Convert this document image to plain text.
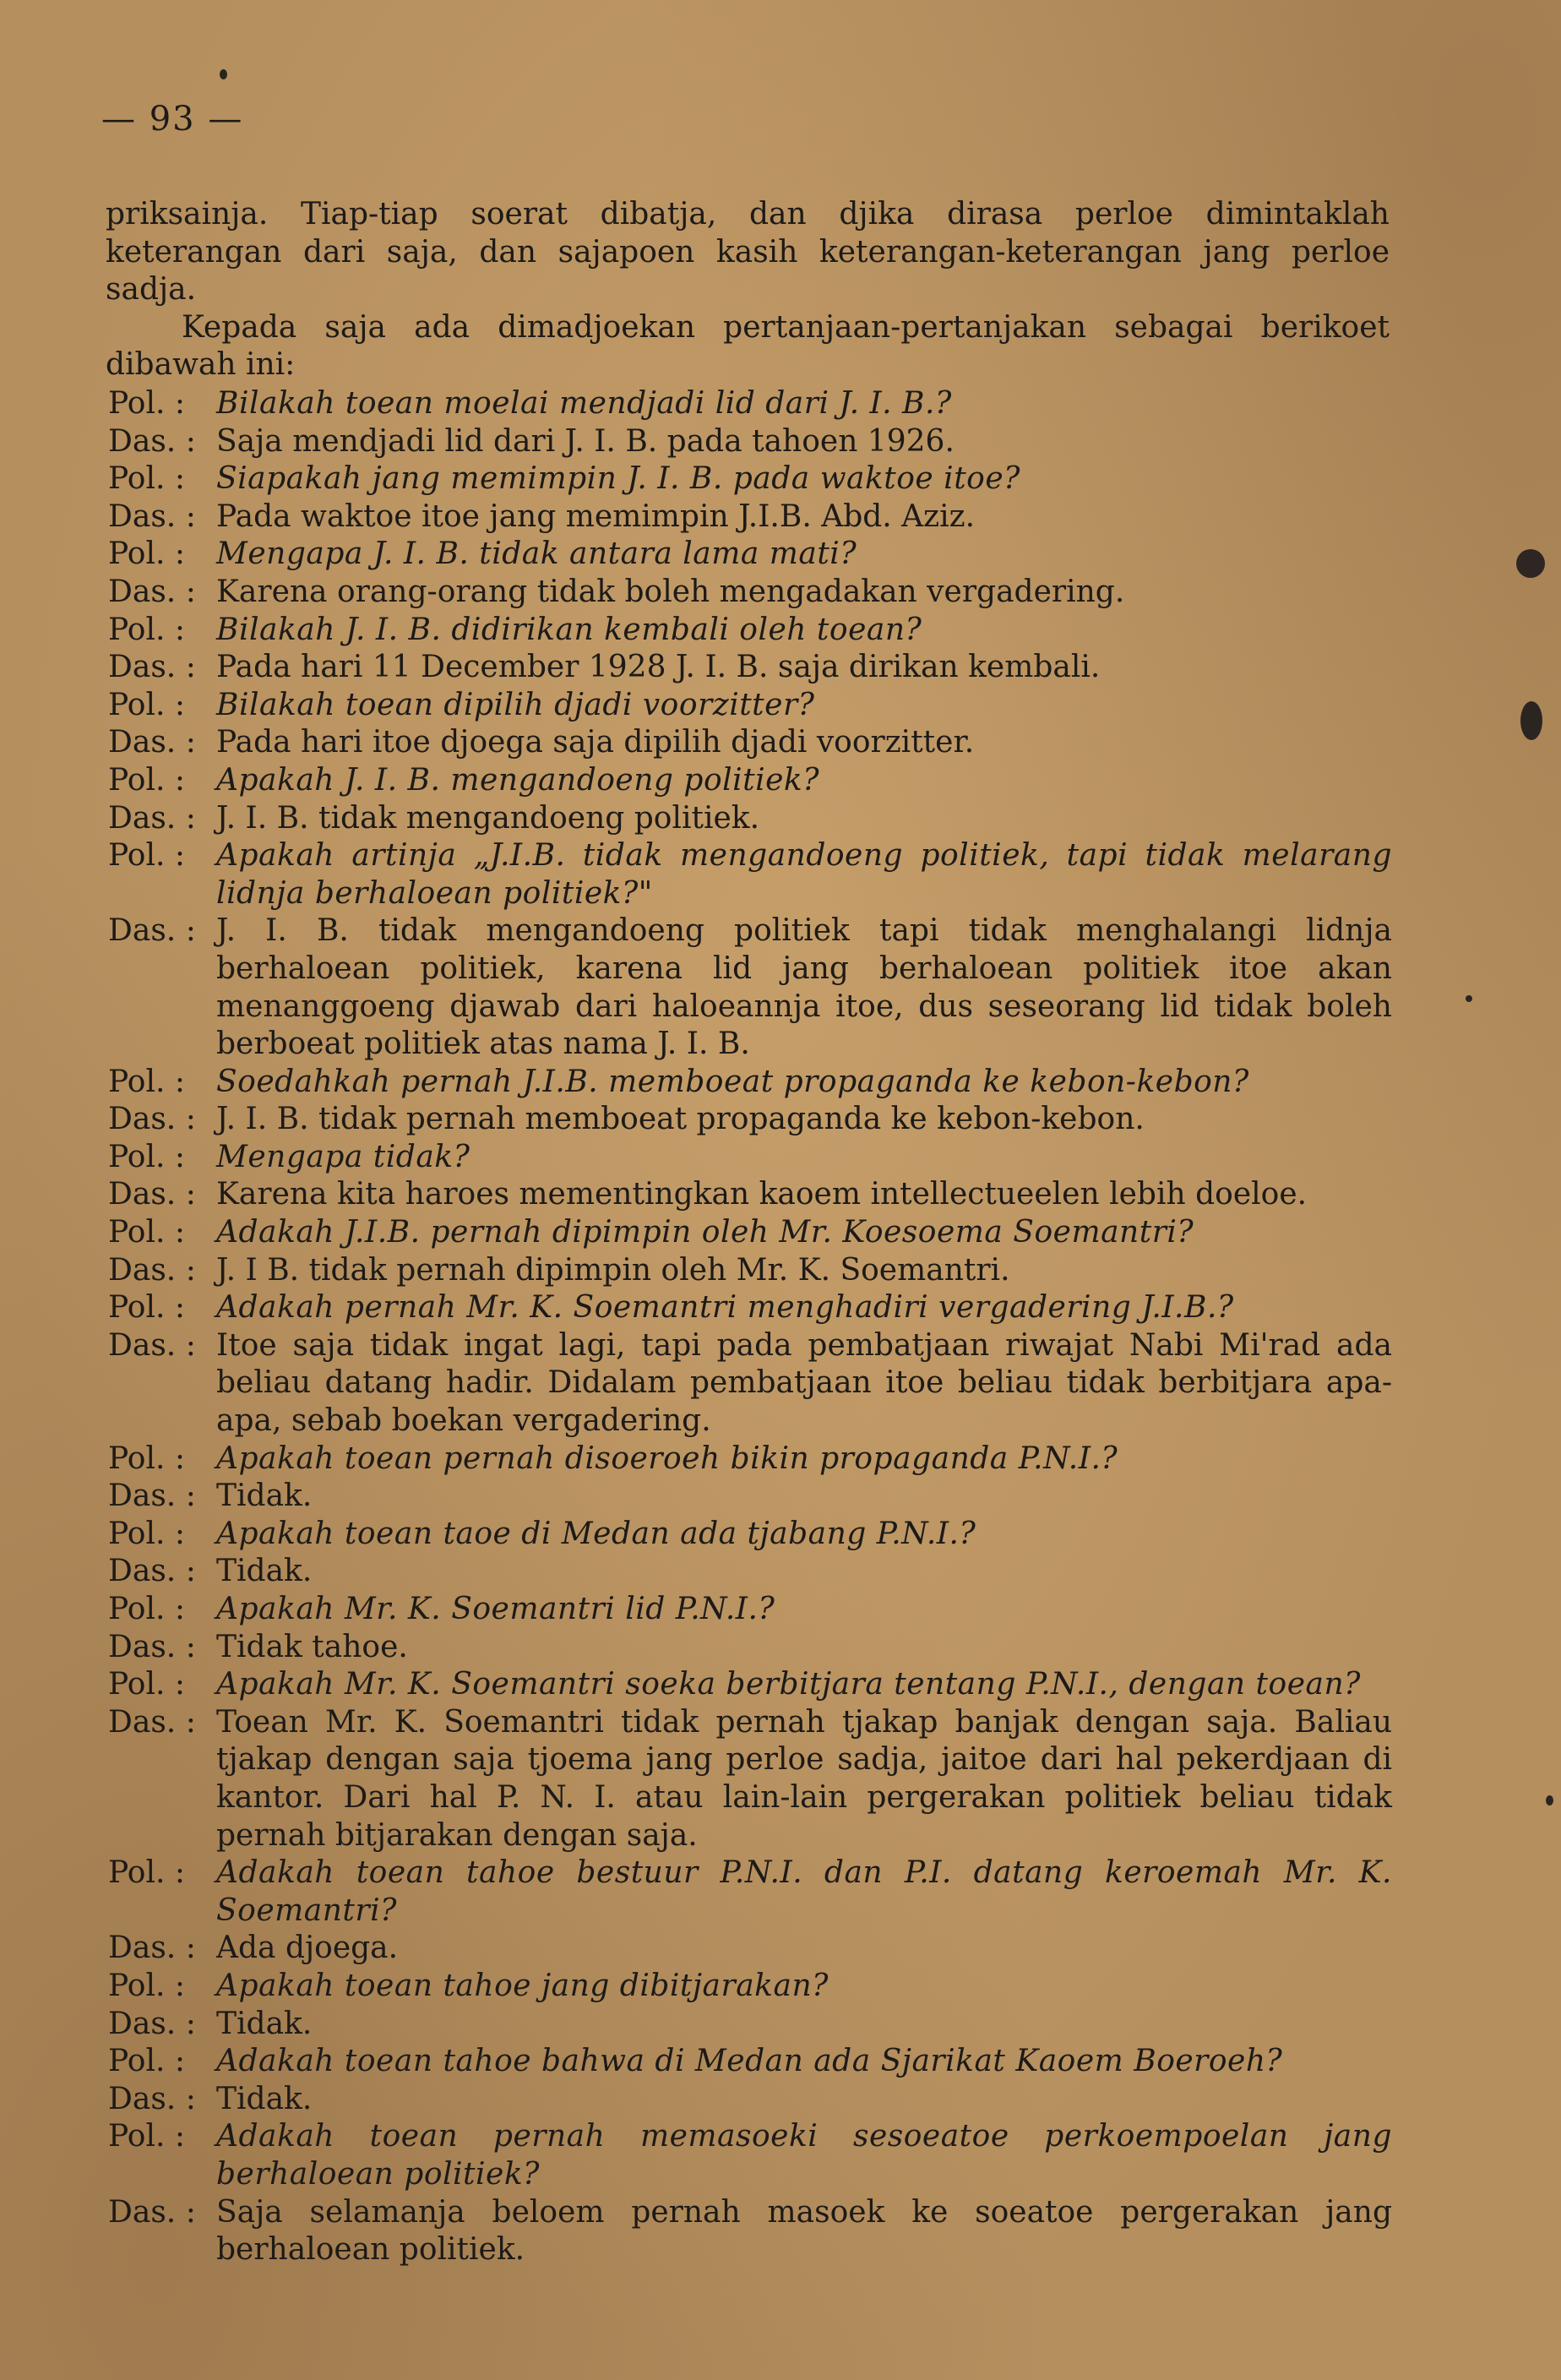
— 93 —

priksainja. Tiap-tiap soerat dibatja, dan djika dirasa perloe dimintaklah keterangan dari saja, dan sajapoen kasih keterangan-keterangan jang perloe sadja.

Kepada saja ada dimadjoekan pertanjaan-pertanjakan sebagai berikoet dibawah ini:

Pol. :	Bilakah toean moelai mendjadi lid dari J. I. B.?
Das. : Saja mendjadi lid dari J. I. B. pada tahoen 1926.
Pol. :	Siapakah jang memimpin J. I. B. pada waktoe itoe?
Das. : Pada waktoe itoe jang memimpin J.I.B. Abd. Aziz.
Pol. :	Mengapa J. I. B. tidak antara lama mati?
Das. : Karena orang-orang tidak boleh mengadakan vergadering.
Pol. :	Bilakah J. I. B. didirikan kembali oleh toean?
Das. : Pada hari 11 December 1928 J. I. B. saja dirikan kembali.
Pol. :	Bilakah toean dipilih djadi voorzitter?
Das. : Pada hari itoe djoega saja dipilih djadi voorzitter.
Pol. :	Apakah J. I. B. mengandoeng politiek?
Das. : J. I. B. tidak mengandoeng politiek.
Pol. :	Apakah artinja „J.I.B. tidak mengandoeng politiek, tapi tidak melarang lidnja berhaloean politiek?"
Das. : J. I. B. tidak mengandoeng politiek tapi tidak menghalangi lidnja berhaloean politiek, karena lid jang berhaloean politiek itoe akan menanggoeng djawab dari haloeannja itoe, dus seseorang lid tidak boleh berboeat politiek atas nama J. I. B.
Pol. :	Soedahkah pernah J.I.B. memboeat propaganda ke kebon-kebon?
Das. : J. I. B. tidak pernah memboeat propaganda ke kebon-kebon.
Pol. :	Mengapa tidak?
Das. : Karena kita haroes mementingkan kaoem intellectueelen lebih doeloe.
Pol. :	Adakah J.I.B. pernah dipimpin oleh Mr. Koesoema Soemantri?
Das. : J. I B. tidak pernah dipimpin oleh Mr. K. Soemantri.
Pol. :	Adakah pernah Mr. K. Soemantri menghadiri vergadering J.I.B.?
Das. : Itoe saja tidak ingat lagi, tapi pada pembatjaan riwajat Nabi Mi'rad ada beliau datang hadir. Didalam pembatjaan itoe beliau tidak berbitjara apa-apa, sebab boekan vergadering.
Pol. :	Apakah toean pernah disoeroeh bikin propaganda P.N.I.?
Das. : Tidak.
Pol. :	Apakah toean taoe di Medan ada tjabang P.N.I.?
Das. : Tidak.
Pol. :	Apakah Mr. K. Soemantri lid P.N.I.?
Das. : Tidak tahoe.
Pol. :	Apakah Mr. K. Soemantri soeka berbitjara tentang P.N.I., dengan toean?
Das. : Toean Mr. K. Soemantri tidak pernah tjakap banjak dengan saja. Baliau tjakap dengan saja tjoema jang perloe sadja, jaitoe dari hal pekerdjaan di kantor. Dari hal P. N. I. atau lain-lain pergerakan politiek beliau tidak pernah bitjarakan dengan saja.
Pol. :	Adakah toean tahoe bestuur P.N.I. dan P.I. datang keroemah Mr. K. Soemantri?
Das. : Ada djoega.
Pol. :	Apakah toean tahoe jang dibitjarakan?
Das. : Tidak.
Pol. :	Adakah toean tahoe bahwa di Medan ada Sjarikat Kaoem Boeroeh?
Das. : Tidak.
Pol. :	Adakah toean pernah memasoeki sesoeatoe perkoempoelan jang berhaloean politiek?
Das. : Saja selamanja beloem pernah masoek ke soeatoe pergerakan jang berhaloean politiek.
